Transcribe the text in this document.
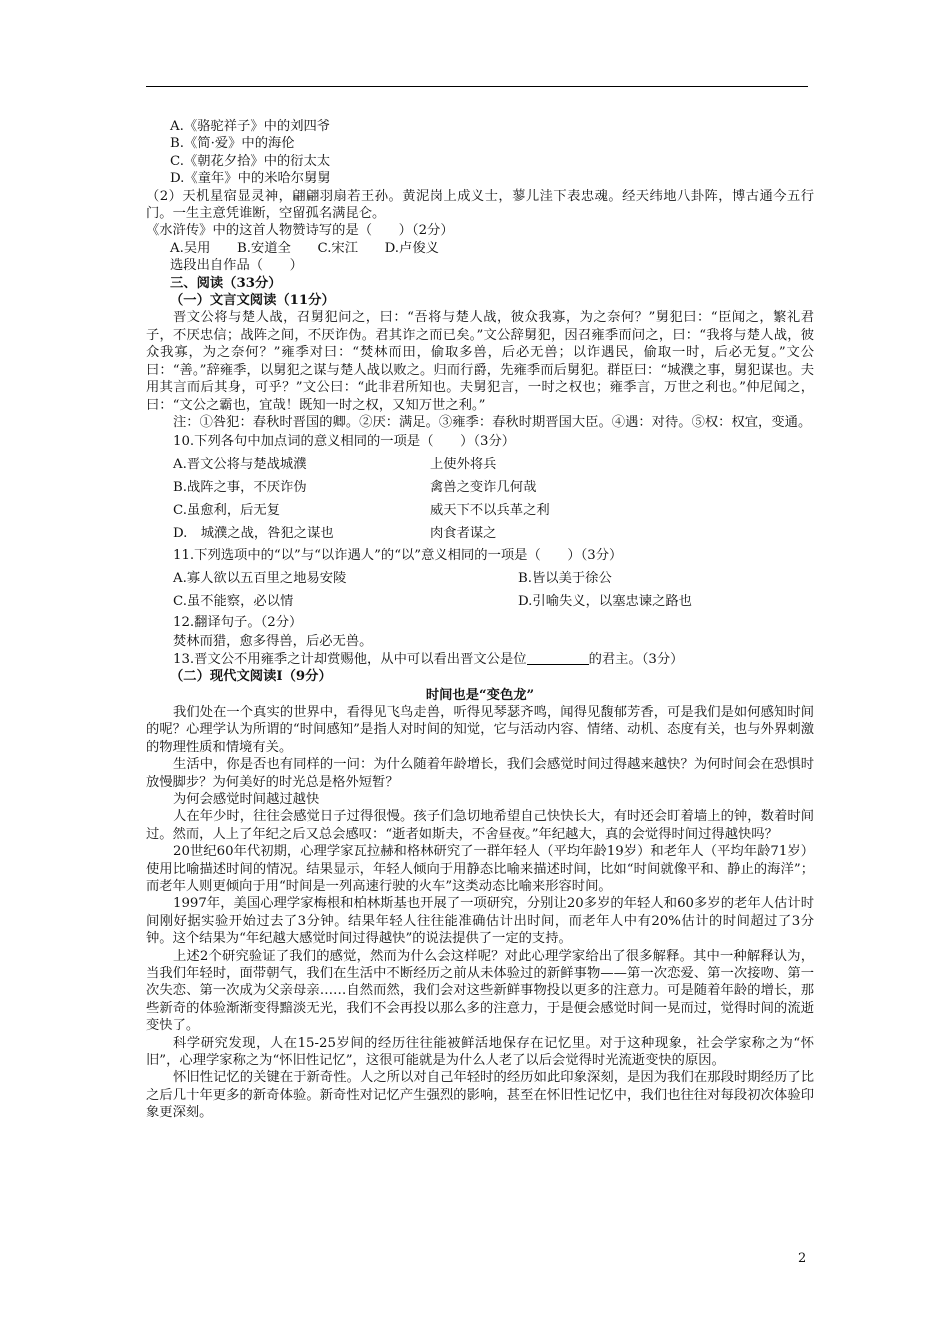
A.《骆驼祥子》中的刘四爷
B.《简·爱》中的海伦
C.《朝花夕拾》中的衍太太
D.《童年》中的米哈尔舅舅

（2）天机星宿显灵神，翩翩羽扇若王孙。黄泥岗上成义士，蓼儿洼下表忠魂。经天纬地八卦阵，博古通今五行门。一生主意凭谁断，空留孤名满昆仑。

《水浒传》中的这首人物赞诗写的是（　　）（2分）
A.吴用　　B.安道全　　C.宋江　　D.卢俊义
选段出自作品（　　）
三、阅读（33分）
（一）文言文阅读（11分）

晋文公将与楚人战，召舅犯问之，曰：“吾将与楚人战，彼众我寡，为之奈何？”舅犯曰：“臣闻之，繁礼君子，不厌忠信；战阵之间，不厌诈伪。君其诈之而已矣。”文公辞舅犯，因召雍季而问之，曰：“我将与楚人战，彼众我寡，为之奈何？”雍季对曰：“焚林而田，偷取多兽，后必无兽；以诈遇民，偷取一时，后必无复。”文公曰：“善。”辞雍季，以舅犯之谋与楚人战以败之。归而行爵，先雍季而后舅犯。群臣曰：“城濮之事，舅犯谋也。夫用其言而后其身，可乎？”文公曰：“此非君所知也。夫舅犯言，一时之权也；雍季言，万世之利也。”仲尼闻之，曰：“文公之霸也，宜哉！既知一时之权，又知万世之利。”

注：①咎犯：春秋时晋国的卿。②厌：满足。③雍季：春秋时期晋国大臣。④遇：对待。⑤权：权宜，变通。

10.下列各句中加点词的意义相同的一项是（　　）（3分）
A.晋文公将与楚战城濮	上使外将兵
B.战阵之事，不厌诈伪	禽兽之变诈几何哉
C.虽愈利，后无复	威天下不以兵革之利
D.　城濮之战，咎犯之谋也	肉食者谋之
11.下列选项中的“以”与“以诈遇人”的“以”意义相同的一项是（　　）（3分）
A.寡人欲以五百里之地易安陵	B.皆以美于徐公
C.虽不能察，必以情	D.引喻失义，以塞忠谏之路也
12.翻译句子。（2分）
焚林而猎，愈多得兽，后必无兽。
13.晋文公不用雍季之计却赏赐他，从中可以看出晋文公是位	的君主。（3分）
（二）现代文阅读Ⅰ（9分）
时间也是“变色龙”

我们处在一个真实的世界中，看得见飞鸟走兽，听得见琴瑟齐鸣，闻得见馥郁芳香，可是我们是如何感知时间的呢？心理学认为所谓的“时间感知”是指人对时间的知觉，它与活动内容、情绪、动机、态度有关，也与外界刺激的物理性质和情境有关。

生活中，你是否也有同样的一问：为什么随着年龄增长，我们会感觉时间过得越来越快？为何时间会在恐惧时放慢脚步？为何美好的时光总是格外短暂？

为何会感觉时间越过越快

人在年少时，往往会感觉日子过得很慢。孩子们急切地希望自己快快长大，有时还会盯着墙上的钟，数着时间过。然而，人上了年纪之后又总会感叹：“逝者如斯夫，不舍昼夜。”年纪越大，真的会觉得时间过得越快吗？

20世纪60年代初期，心理学家瓦拉赫和格林研究了一群年轻人（平均年龄19岁）和老年人（平均年龄71岁）使用比喻描述时间的情况。结果显示，年轻人倾向于用静态比喻来描述时间，比如“时间就像平和、静止的海洋”；而老年人则更倾向于用“时间是一列高速行驶的火车”这类动态比喻来形容时间。

1997年，美国心理学家梅根和柏林斯基也开展了一项研究，分别让20多岁的年轻人和60多岁的老年人估计时间刚好据实验开始过去了3分钟。结果年轻人往往能准确估计出时间，而老年人中有20%估计的时间超过了3分钟。这个结果为“年纪越大感觉时间过得越快”的说法提供了一定的支持。

上述2个研究验证了我们的感觉，然而为什么会这样呢？对此心理学家给出了很多解释。其中一种解释认为，当我们年轻时，面带朝气，我们在生活中不断经历之前从未体验过的新鲜事物——第一次恋爱、第一次接吻、第一次失恋、第一次成为父亲母亲……自然而然，我们会对这些新鲜事物投以更多的注意力。可是随着年龄的增长，那些新奇的体验渐渐变得黯淡无光，我们不会再投以那么多的注意力，于是便会感觉时间一晃而过，觉得时间的流逝变快了。

科学研究发现，人在15-25岁间的经历往往能被鲜活地保存在记忆里。对于这种现象，社会学家称之为“怀旧”，心理学家称之为“怀旧性记忆”，这很可能就是为什么人老了以后会觉得时光流逝变快的原因。

怀旧性记忆的关键在于新奇性。人之所以对自己年轻时的经历如此印象深刻，是因为我们在那段时期经历了比之后几十年更多的新奇体验。新奇性对记忆产生强烈的影响，甚至在怀旧性记忆中，我们也往往对每段初次体验印象更深刻。

2
